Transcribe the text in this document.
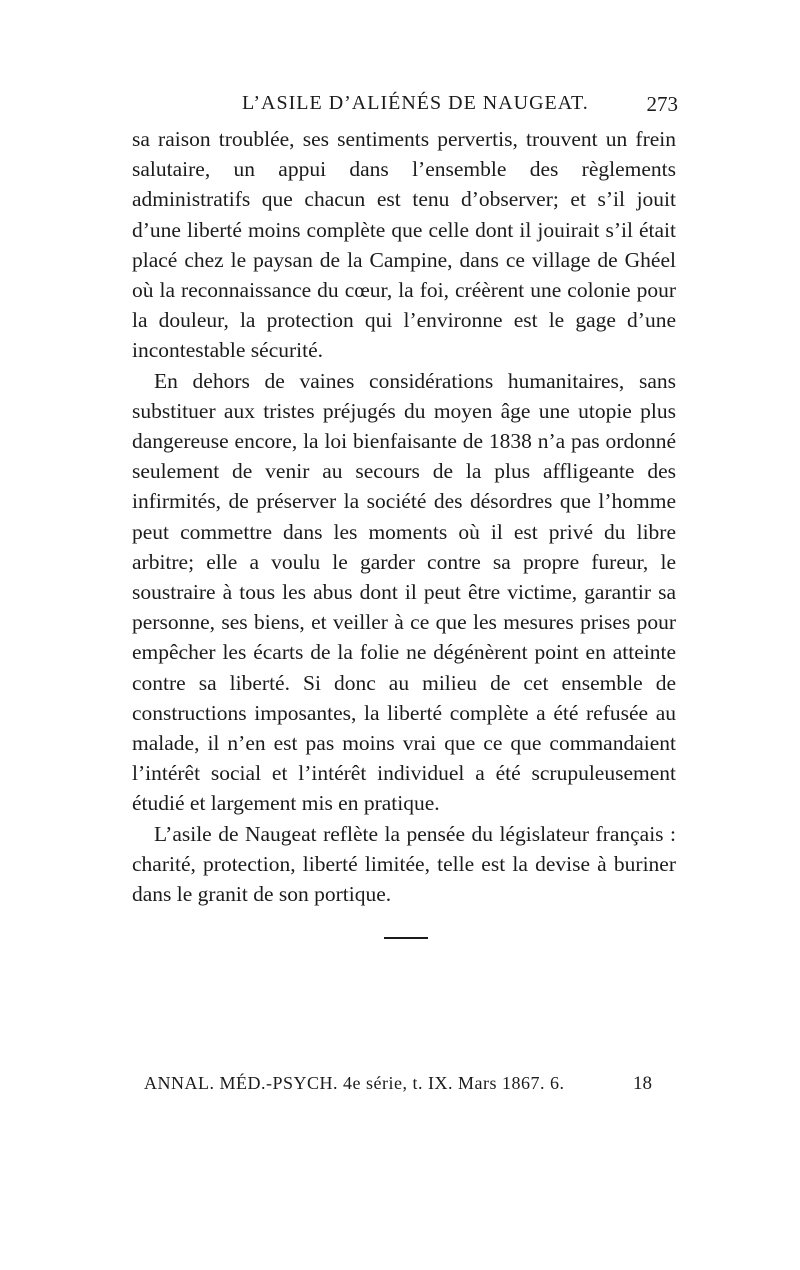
L’ASILE D’ALIÉNÉS DE NAUGEAT.	273

sa raison troublée, ses sentiments pervertis, trouvent un frein salutaire, un appui dans l’ensemble des règlements administratifs que chacun est tenu d’observer; et s’il jouit d’une liberté moins complète que celle dont il jouirait s’il était placé chez le paysan de la Campine, dans ce village de Ghéel où la reconnaissance du cœur, la foi, créèrent une colonie pour la douleur, la protection qui l’environne est le gage d’une incontestable sécurité.

En dehors de vaines considérations humanitaires, sans substituer aux tristes préjugés du moyen âge une utopie plus dangereuse encore, la loi bienfaisante de 1838 n’a pas ordonné seulement de venir au secours de la plus affligeante des infirmités, de préserver la société des désordres que l’homme peut commettre dans les moments où il est privé du libre arbitre; elle a voulu le garder contre sa propre fureur, le soustraire à tous les abus dont il peut être victime, garantir sa personne, ses biens, et veiller à ce que les mesures prises pour empêcher les écarts de la folie ne dégénèrent point en atteinte contre sa liberté. Si donc au milieu de cet ensemble de constructions imposantes, la liberté complète a été refusée au malade, il n’en est pas moins vrai que ce que commandaient l’intérêt social et l’intérêt individuel a été scrupuleusement étudié et largement mis en pratique.

L’asile de Naugeat reflète la pensée du législateur français : charité, protection, liberté limitée, telle est la devise à buriner dans le granit de son portique.

ANNAL. MÉD.-PSYCH. 4e série, t. IX. Mars 1867. 6.	18
